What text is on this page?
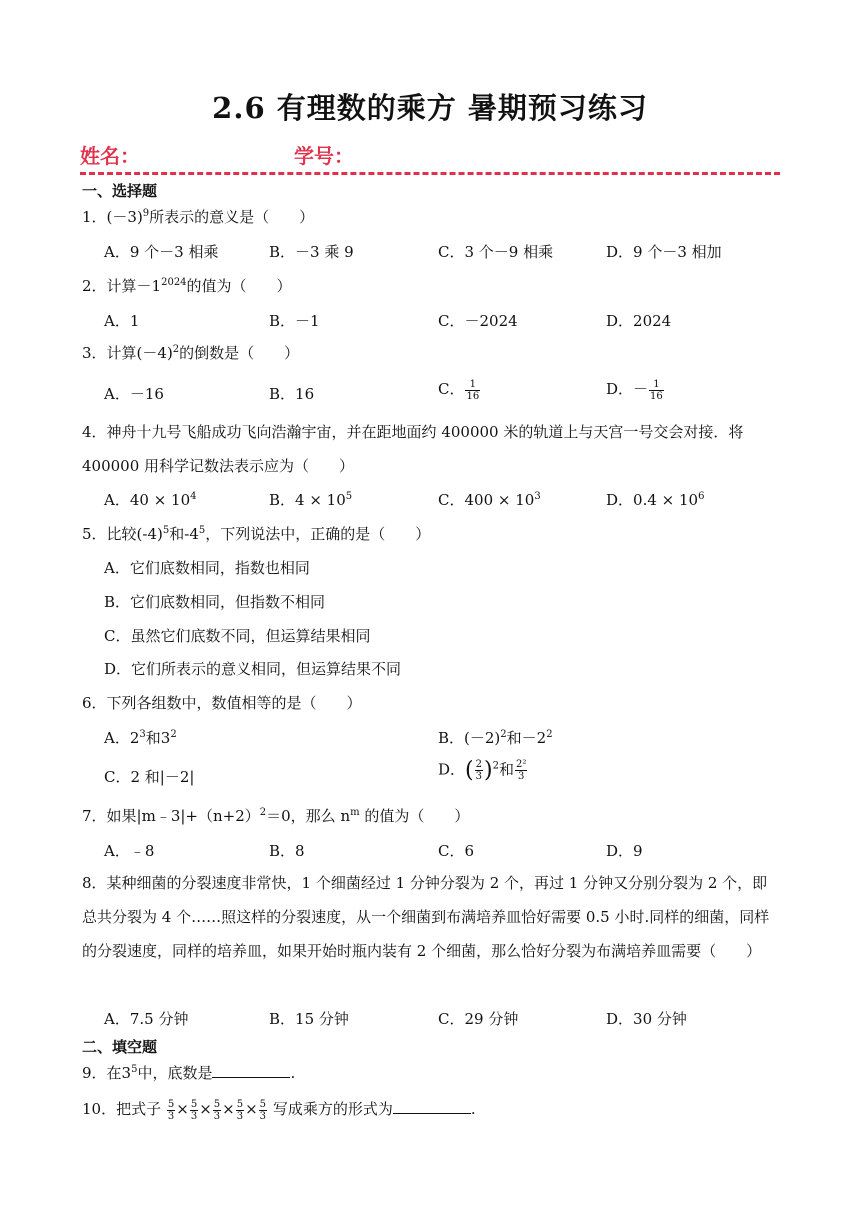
2.6 有理数的乘方 暑期预习练习
姓名：	学号：
一、选择题
1．$(-3)^9$所表示的意义是（　　）
A．9 个－3 相乘	B．－3 乘 9	C．3 个－9 相乘	D．9 个－3 相加
2．计算$-1^{2024}$的值为（　　）
A．1	B．－1	C．－2024	D．2024
3．计算$(-4)^2$的倒数是（　　）
A．－16	B．16	C． $\frac{1}{16}$	D．－ $\frac{1}{16}$
4．神舟十九号飞船成功飞向浩瀚宇宙，并在距地面约 400000 米的轨道上与天宫一号交会对接．将 400000 用科学记数法表示应为（　　）
A．$40 \times 10^4$	B．$4 \times 10^5$	C．$400 \times 10^3$	D．$0.4 \times 10^6$
5．比较$(-4)^5$和$-4^5$，下列说法中，正确的是（　　）
A．它们底数相同，指数也相同
B．它们底数相同，但指数不相同
C．虽然它们底数不同，但运算结果相同
D．它们所表示的意义相同，但运算结果不同
6．下列各组数中，数值相等的是（　　）
A．$2^3$和$3^2$	B．$(-2)^2$和$-2^2$
C．2 和|－2|	D．( $\frac{2}{3} )^2$和 $\frac{\text{2²}}{3}$
7．如果$|m﹣3|+(n+2)^2=0$，那么 $n^m$ 的值为（　　）
A．﹣8	B．8	C．6	D．9
8．某种细菌的分裂速度非常快，1 个细菌经过 1 分钟分裂为 2 个，再过 1 分钟又分别分裂为 2 个，即总共分裂为 4 个……照这样的分裂速度，从一个细菌到布满培养皿恰好需要 0.5 小时.同样的细菌，同样的分裂速度，同样的培养皿，如果开始时瓶内装有 2 个细菌，那么恰好分裂为布满培养皿需要（　　）
A．7.5 分钟	B．15 分钟	C．29 分钟	D．30 分钟
二、填空题
9．在$3^5$中，底数是	.
10．把式子 $\frac{5}{3} \times \frac{5}{3} \times \frac{5}{3} \times \frac{5}{3} \times \frac{5}{3}$ 写成乘方的形式为	.
